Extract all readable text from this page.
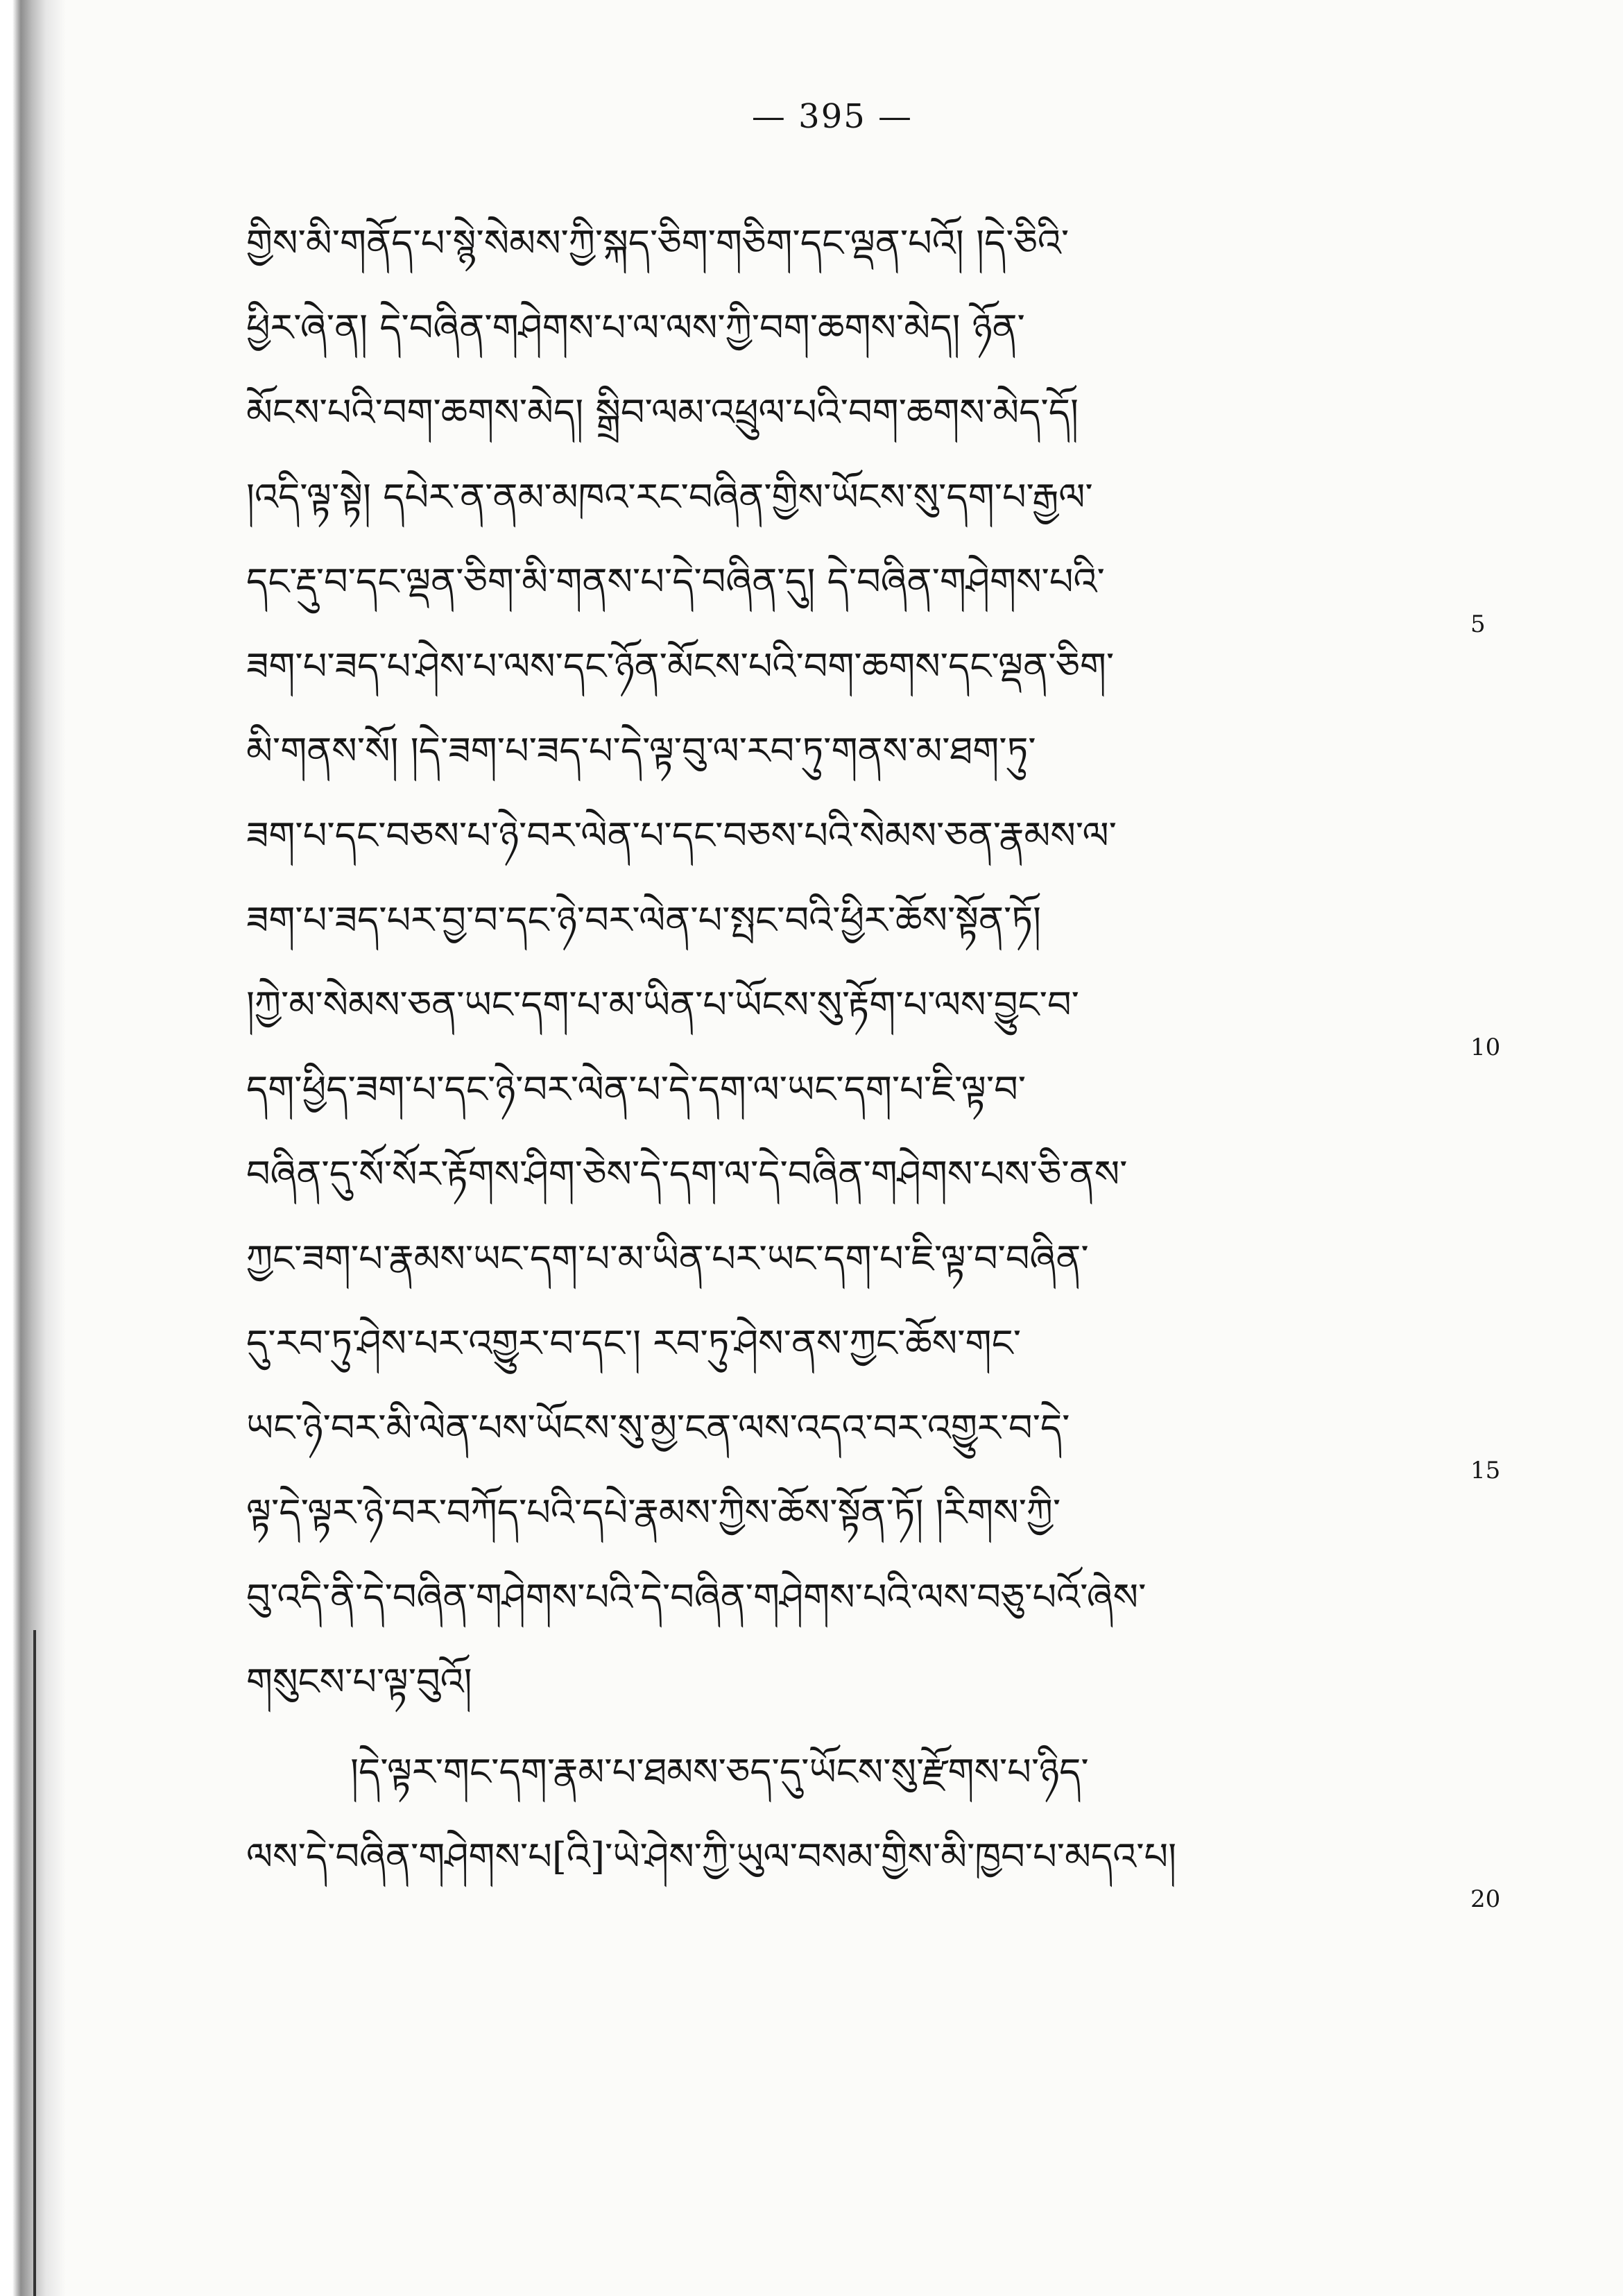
— 395 —
གྱིས་མི་གནོད་པ་སྙེ་སེམས་ཀྱི་སྐད་ཅིག་གཅིག་དང་ལྡན་པའོ། །དེ་ཅིའི་
ཕྱིར་ཞེ་ན། དེ་བཞིན་གཤེགས་པ་ལ་ལས་ཀྱི་བག་ཆགས་མེད། ཉོན་
མོངས་པའི་བག་ཆགས་མེད། སྒྲིབ་ལམ་འཕྲུལ་པའི་བག་ཆགས་མེད་དོ།
།འདི་ལྟ་སྟེ། དཔེར་ན་ནམ་མཁའ་རང་བཞིན་གྱིས་ཡོངས་སུ་དག་པ་རྒྱལ་
དང་རྡུ་བ་དང་ལྡན་ཅིག་མི་གནས་པ་དེ་བཞིན་དུ། དེ་བཞིན་གཤེགས་པའི་
ཟག་པ་ཟད་པ་ཤེས་པ་ལས་དང་ཉོན་མོངས་པའི་བག་ཆགས་དང་ལྡན་ཅིག་
མི་གནས་སོ། །དེ་ཟག་པ་ཟད་པ་དེ་ལྟ་བུ་ལ་རབ་ཏུ་གནས་མ་ཐག་ཏུ་
ཟག་པ་དང་བཅས་པ་ཉེ་བར་ལེན་པ་དང་བཅས་པའི་སེམས་ཅན་རྣམས་ལ་
ཟག་པ་ཟད་པར་བྱ་བ་དང་ཉེ་བར་ལེན་པ་སྤང་བའི་ཕྱིར་ཆོས་སྟོན་ཏོ།
།ཀྱེ་མ་སེམས་ཅན་ཡང་དག་པ་མ་ཡིན་པ་ཡོངས་སུ་རྟོག་པ་ལས་བྱུང་བ་
དག་ཕྱིད་ཟག་པ་དང་ཉེ་བར་ལེན་པ་དེ་དག་ལ་ཡང་དག་པ་ཇི་ལྟ་བ་
བཞིན་དུ་སོ་སོར་རྟོགས་ཤིག་ཅེས་དེ་དག་ལ་དེ་བཞིན་གཤེགས་པས་ཅི་ནས་
ཀྱང་ཟག་པ་རྣམས་ཡང་དག་པ་མ་ཡིན་པར་ཡང་དག་པ་ཇི་ལྟ་བ་བཞིན་
དུ་རབ་ཏུ་ཤེས་པར་འགྱུར་བ་དང་། རབ་ཏུ་ཤེས་ནས་ཀྱང་ཆོས་གང་
ཡང་ཉེ་བར་མི་ལེན་པས་ཡོངས་སུ་མྱ་ངན་ལས་འདའ་བར་འགྱུར་བ་དེ་
ལྟ་དེ་ལྟར་ཉེ་བར་བཀོད་པའི་དཔེ་རྣམས་ཀྱིས་ཆོས་སྟོན་ཏོ། །རིགས་ཀྱི་
བུ་འདི་ནི་དེ་བཞིན་གཤེགས་པའི་དེ་བཞིན་གཤེགས་པའི་ལས་བཅུ་པའོ་ཞེས་
གསུངས་པ་ལྟ་བུའོ།
།དེ་ལྟར་གང་དག་རྣམ་པ་ཐམས་ཅད་དུ་ཡོངས་སུ་རྫོགས་པ་ཉིད་
ལས་དེ་བཞིན་གཤེགས་པ[འི]་ཡེ་ཤེས་ཀྱི་ཡུལ་བསམ་གྱིས་མི་ཁྱབ་པ་མདའ་པ།
5
10
15
20
